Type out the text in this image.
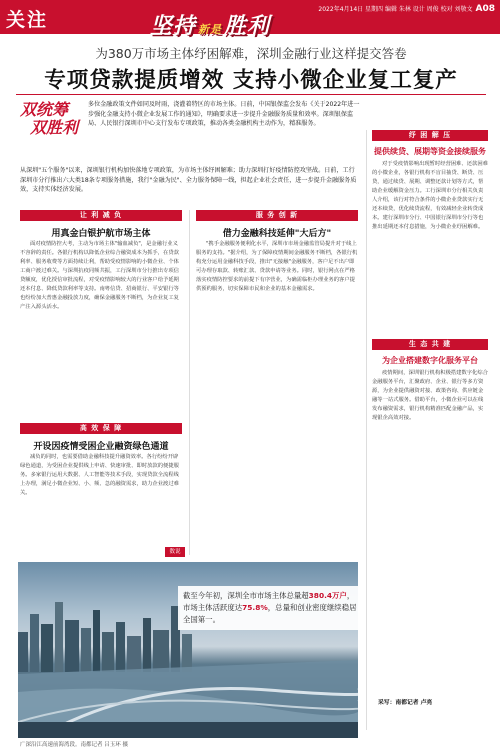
关注	坚持 新是胜利
2022年4月14日 星期四 编辑 朱林 设计 周俊 校对 刘敬文 A08
为380万市场主体纾困解难，深圳金融行业这样提交答卷
专项贷款提质增效 支持小微企业复工复产
双统筹
双胜利
多位金融政策文件如同及时雨，浇灌着特区的市场主体。日前，中国银保监会发布《关于2022年进一步强化金融支持小微企业发展工作的通知》，明确要求进一步提升金融服务质量和效率。深圳银保监局、人民银行深圳市中心支行发布专项政策，推动各类金融机构主动作为，精准服务。
从深圳"五个服务"以来，深圳银行机构加快落地专项政策，为市场主体纾困解难；助力深圳打好疫情防控攻坚战。日前，工行深圳市分行推出六大类18条专项服务措施，我行"金融为民"、全力服务保障一线，担起企业社会责任，进一步提升金融服务质效，支持实体经济发展。
让 利 减 负
用真金白银护航市场主体
面对疫情防控大考，主动为市场主体"输血减负"，是金融行业义不容辞的责任。各银行机构以降低企业综合融资成本为抓手，在贷款利率、服务收费等方面持续让利，帮助受疫情影响的小微企业、个体工商户渡过难关。与深圳抗疫同频共振，工行深圳市分行推出专项信贷额度，优化授信审批流程，对受疫情影响较大的行业客户给予延期还本付息、降低贷款利率等支持。南粤信贷、招商银行、平安银行等也纷纷加大普惠金融投放力度，确保金融服务不断档，为企业复工复产注入源头活水。
高 效 保 障
开设因疫情受困企业融资绿色通道
减负的同时，也需要借助金融科技提升融资效率。各行纷纷开辟绿色通道，为受困企业提供线上申请、快速审批、即时放款的便捷服务。多家银行运用大数据、人工智能等技术手段，实现贷款全流程线上办理，满足小微企业短、小、频、急的融资需求，助力企业渡过难关。
服 务 创 新
借力金融科技延伸"大后方"
"携手金融服务便利化水平，深圳市市场金融监管局提升对于线上服务的支持。"据介绍，为了保障疫情期间金融服务不断档，各银行机构充分运用金融科技手段，推出"无接触"金融服务，客户足不出户即可办理存取款、转账汇款、贷款申请等业务。同时，银行网点在严格落实疫情防控要求的前提下有序营业，为确需临柜办理业务的客户提供预约服务，切实保障市民和企业的基本金融需求。
纾 困 解 压
提供续贷、展期等资金接续服务
对于受疫情影响出现暂时经营困难、还款困难的小微企业，各银行机构不盲目抽贷、断贷、压贷，通过续贷、展期、调整还款计划等方式，帮助企业缓解资金压力。工行深圳市分行相关负责人介绍，该行对符合条件的小微企业贷款实行无还本续贷，优化续贷流程，有效减轻企业转贷成本。建行深圳市分行、中国银行深圳市分行等也推出延期还本付息措施，为小微企业纾困解难。
生 态 共 建
为企业搭建数字化服务平台
疫情期间，深圳银行机构积极搭建数字化综合金融服务平台，汇聚政府、企业、银行等多方资源，为企业提供融资对接、政策咨询、供应链金融等一站式服务。借助平台，小微企业可以在线发布融资需求，银行机构精准匹配金融产品，实现银企高效对接。
采写：南都记者 卢亮
数说
截至今年初，深圳全市市场主体总量超380.4万户，市场主体活跃度达75.8%，总量和创业密度继续稳居全国第一。
广深沿江高速前海湾段。南都记者 吕玉环 摄
